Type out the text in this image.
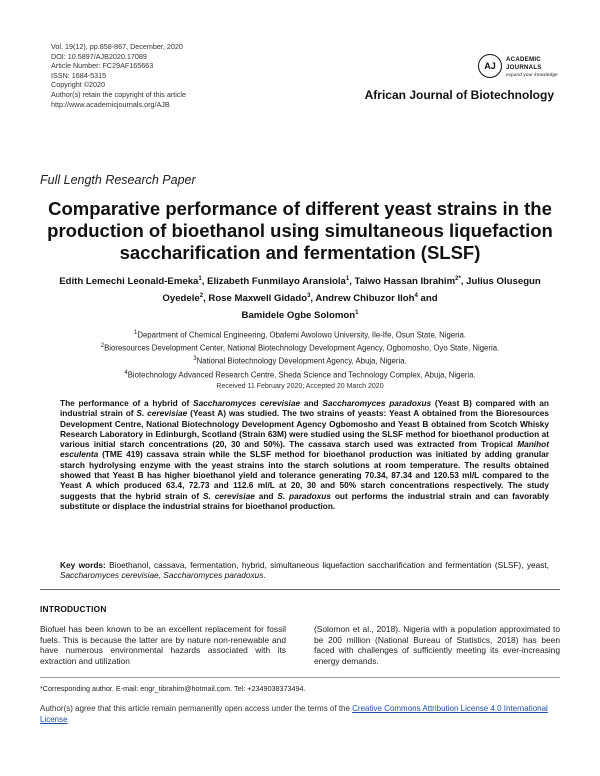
Vol. 19(12), pp.858-867, December, 2020
DOI: 10.5897/AJB2020.17089
Article Number: FC29AF165663
ISSN: 1684-5315
Copyright ©2020
Author(s) retain the copyright of this article
http://www.academicjournals.org/AJB
AJ
ACADEMIC
JOURNALS
expand your knowledge
African Journal of Biotechnology
Full Length Research Paper
Comparative performance of different yeast strains in the production of bioethanol using simultaneous liquefaction saccharification and fermentation (SLSF)
Edith Lemechi Leonald-Emeka$^1$, Elizabeth Funmilayo Aransiola$^1$, Taiwo Hassan Ibrahim$^{2*}$, Julius Olusegun Oyedele$^2$, Rose Maxwell Gidado$^3$, Andrew Chibuzor Iloh$^4$ and
Bamidele Ogbe Solomon$^1$
$^1$Department of Chemical Engineering, Obafemi Awolowo University, Ile-Ife, Osun State, Nigeria.
$^2$Bioresources Development Center, National Biotechnology Development Agency, Ogbomosho, Oyo State, Nigeria.
$^3$National Biotechnology Development Agency, Abuja, Nigeria.
$^4$Biotechnology Advanced Research Centre, Sheda Science and Technology Complex, Abuja, Nigeria.
Received 11 February 2020; Accepted 20 March 2020
The performance of a hybrid of Saccharomyces cerevisiae and Saccharomyces paradoxus (Yeast B) compared with an industrial strain of S. cerevisiae (Yeast A) was studied. The two strains of yeasts: Yeast A obtained from the Bioresources Development Centre, National Biotechnology Development Agency Ogbomosho and Yeast B obtained from Scotch Whisky Research Laboratory in Edinburgh, Scotland (Strain 63M) were studied using the SLSF method for bioethanol production at various initial starch concentrations (20, 30 and 50%). The cassava starch used was extracted from Tropical Manihot esculenta (TME 419) cassava strain while the SLSF method for bioethanol production was initiated by adding granular starch hydrolysing enzyme with the yeast strains into the starch solutions at room temperature. The results obtained showed that Yeast B has higher bioethanol yield and tolerance generating 70.34, 87.34 and 120.53 ml/L compared to the Yeast A which produced 63.4, 72.73 and 112.6 ml/L at 20, 30 and 50% starch concentrations respectively. The study suggests that the hybrid strain of S. cerevisiae and S. paradoxus out performs the industrial strain and can favorably substitute or displace the industrial strains for bioethanol production.
Key words: Bioethanol, cassava, fermentation, hybrid, simultaneous liquefaction saccharification and fermentation (SLSF), yeast, Saccharomyces cerevisiae, Saccharomyces paradoxus.
INTRODUCTION
Biofuel has been known to be an excellent replacement for fossil fuels. This is because the latter are by nature non-renewable and have numerous environmental hazards associated with its extraction and utilization
(Solomon et al., 2018). Nigeria with a population approximated to be 200 million (National Bureau of Statistics, 2018) has been faced with challenges of sufficiently meeting its ever-increasing energy demands.
*Corresponding author. E-mail: engr_tibrahim@hotmail.com. Tel: +2349038373494.
Author(s) agree that this article remain permanently open access under the terms of the Creative Commons Attribution License 4.0 International License
